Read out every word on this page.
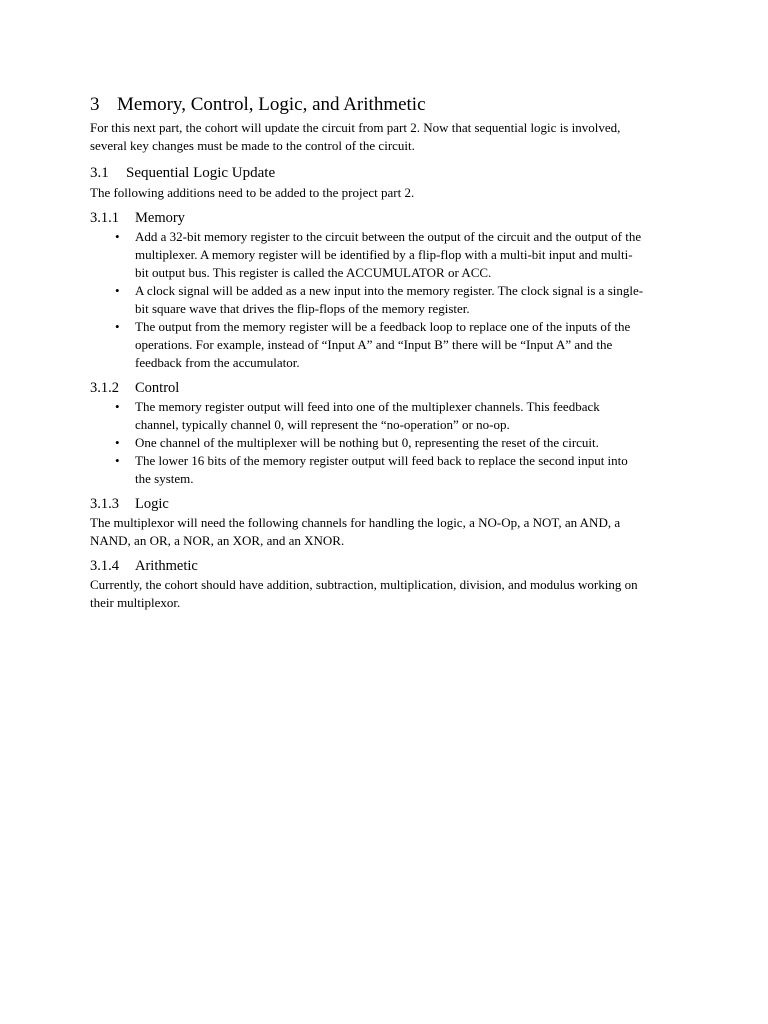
3 Memory, Control, Logic, and Arithmetic

For this next part, the cohort will update the circuit from part 2. Now that sequential logic is involved,
several key changes must be made to the control of the circuit.

3.1 Sequential Logic Update

The following additions need to be added to the project part 2.

3.1.1 Memory
• Add a 32-bit memory register to the circuit between the output of the circuit and the output of the
multiplexer. A memory register will be identified by a flip-flop with a multi-bit input and multi-
bit output bus. This register is called the ACCUMULATOR or ACC.
• A clock signal will be added as a new input into the memory register. The clock signal is a single-
bit square wave that drives the flip-flops of the memory register.
• The output from the memory register will be a feedback loop to replace one of the inputs of the
operations. For example, instead of “Input A” and “Input B” there will be “Input A” and the
feedback from the accumulator.
3.1.2 Control
• The memory register output will feed into one of the multiplexer channels. This feedback
channel, typically channel 0, will represent the “no-operation” or no-op.
• One channel of the multiplexer will be nothing but 0, representing the reset of the circuit.
• The lower 16 bits of the memory register output will feed back to replace the second input into
the system.
3.1.3 Logic

The multiplexor will need the following channels for handling the logic, a NO-Op, a NOT, an AND, a
NAND, an OR, a NOR, an XOR, and an XNOR.

3.1.4 Arithmetic

Currently, the cohort should have addition, subtraction, multiplication, division, and modulus working on
their multiplexor.
